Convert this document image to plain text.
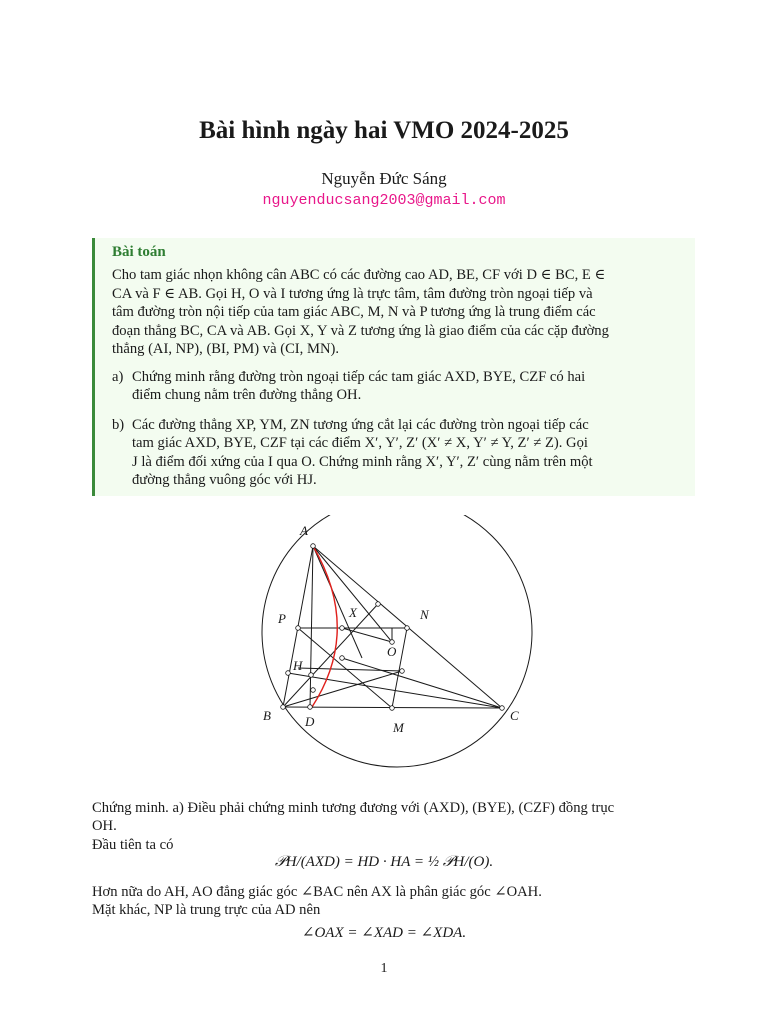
Bài hình ngày hai VMO 2024-2025
Nguyễn Đức Sáng
nguyenducsang2003@gmail.com
Bài toán
Cho tam giác nhọn không cân ABC có các đường cao AD, BE, CF với D ∈ BC, E ∈
CA và F ∈ AB. Gọi H, O và I tương ứng là trực tâm, tâm đường tròn ngoại tiếp và
tâm đường tròn nội tiếp của tam giác ABC, M, N và P tương ứng là trung điểm các
đoạn thẳng BC, CA và AB. Gọi X, Y và Z tương ứng là giao điểm của các cặp đường
thẳng (AI, NP), (BI, PM) và (CI, MN).
a) Chứng minh rằng đường tròn ngoại tiếp các tam giác AXD, BYE, CZF có hai
điểm chung nằm trên đường thẳng OH.
b) Các đường thẳng XP, YM, ZN tương ứng cắt lại các đường tròn ngoại tiếp các
tam giác AXD, BYE, CZF tại các điểm X′, Y′, Z′ (X′ ≠ X, Y′ ≠ Y, Z′ ≠ Z). Gọi
J là điểm đối xứng của I qua O. Chứng minh rằng X′, Y′, Z′ cùng nằm trên một
đường thẳng vuông góc với HJ.
A
B	C
D
H
M
N
O
P	X
Chứng minh. a) Điều phải chứng minh tương đương với (AXD), (BYE), (CZF) đồng trục
OH.
Đầu tiên ta có
𝒫H/(AXD) = HD · HA = ½ 𝒫H/(O).
Hơn nữa do AH, AO đẳng giác góc ∠BAC nên AX là phân giác góc ∠OAH.
Mặt khác, NP là trung trực của AD nên
∠OAX = ∠XAD = ∠XDA.
1
